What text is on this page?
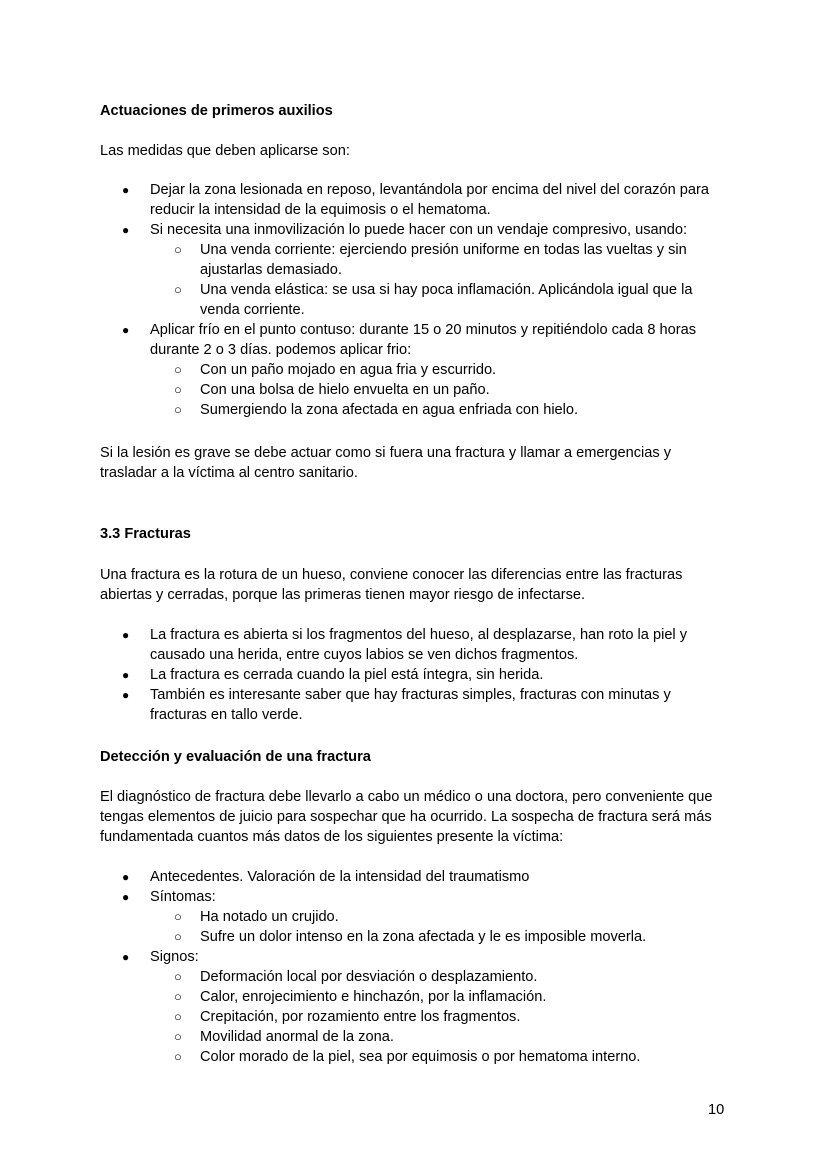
Actuaciones de primeros auxilios

Las medidas que deben aplicarse son:

● Dejar la zona lesionada en reposo, levantándola por encima del nivel del corazón para reducir la intensidad de la equimosis o el hematoma.
● Si necesita una inmovilización lo puede hacer con un vendaje compresivo, usando:
○ Una venda corriente: ejerciendo presión uniforme en todas las vueltas y sin ajustarlas demasiado.
○ Una venda elástica: se usa si hay poca inflamación. Aplicándola igual que la venda corriente.
● Aplicar frío en el punto contuso: durante 15 o 20 minutos y repitiéndolo cada 8 horas durante 2 o 3 días. podemos aplicar frio:
○ Con un paño mojado en agua fria y escurrido.
○ Con una bolsa de hielo envuelta en un paño.
○ Sumergiendo la zona afectada en agua enfriada con hielo.

Si la lesión es grave se debe actuar como si fuera una fractura y llamar a emergencias y trasladar a la víctima al centro sanitario.

3.3 Fracturas

Una fractura es la rotura de un hueso, conviene conocer las diferencias entre las fracturas abiertas y cerradas, porque las primeras tienen mayor riesgo de infectarse.

● La fractura es abierta si los fragmentos del hueso, al desplazarse, han roto la piel y causado una herida, entre cuyos labios se ven dichos fragmentos.
● La fractura es cerrada cuando la piel está íntegra, sin herida.
● También es interesante saber que hay fracturas simples, fracturas con minutas y fracturas en tallo verde.

Detección y evaluación de una fractura

El diagnóstico de fractura debe llevarlo a cabo un médico o una doctora, pero conveniente que tengas elementos de juicio para sospechar que ha ocurrido. La sospecha de fractura será más fundamentada cuantos más datos de los siguientes presente la víctima:

● Antecedentes. Valoración de la intensidad del traumatismo
● Síntomas:
○ Ha notado un crujido.
○ Sufre un dolor intenso en la zona afectada y le es imposible moverla.
● Signos:
○ Deformación local por desviación o desplazamiento.
○ Calor, enrojecimiento e hinchazón, por la inflamación.
○ Crepitación, por rozamiento entre los fragmentos.
○ Movilidad anormal de la zona.
○ Color morado de la piel, sea por equimosis o por hematoma interno.

10
